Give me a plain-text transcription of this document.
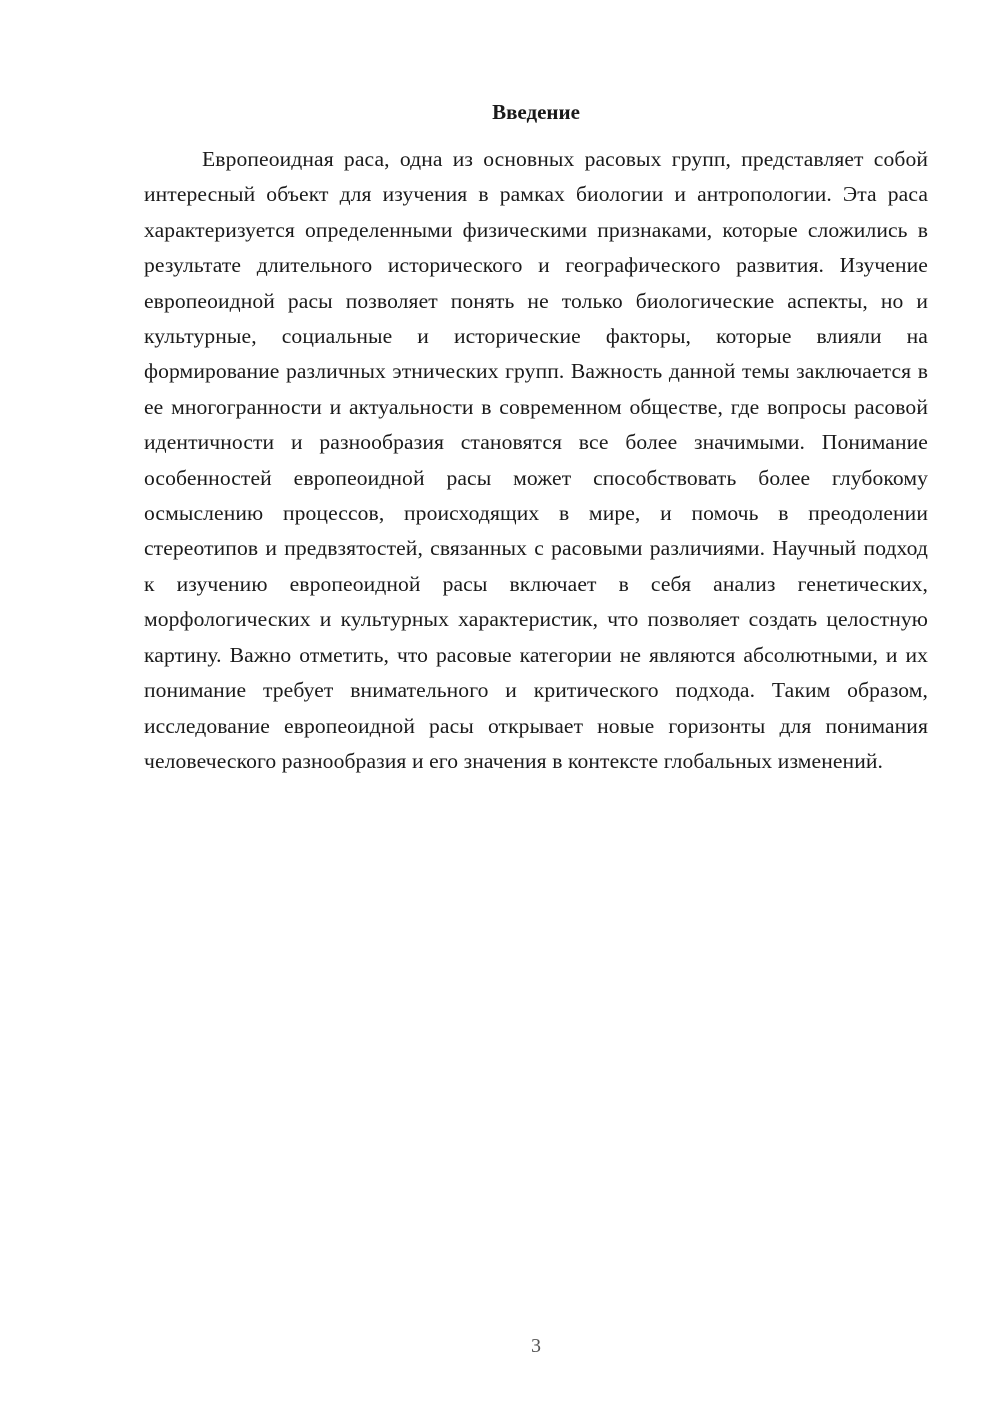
Введение

Европеоидная раса, одна из основных расовых групп, представляет собой интересный объект для изучения в рамках биологии и антропологии. Эта раса характеризуется определенными физическими признаками, которые сложились в результате длительного исторического и географического развития. Изучение европеоидной расы позволяет понять не только биологические аспекты, но и культурные, социальные и исторические факторы, которые влияли на формирование различных этнических групп. Важность данной темы заключается в ее многогранности и актуальности в современном обществе, где вопросы расовой идентичности и разнообразия становятся все более значимыми. Понимание особенностей европеоидной расы может способствовать более глубокому осмыслению процессов, происходящих в мире, и помочь в преодолении стереотипов и предвзятостей, связанных с расовыми различиями. Научный подход к изучению европеоидной расы включает в себя анализ генетических, морфологических и культурных характеристик, что позволяет создать целостную картину. Важно отметить, что расовые категории не являются абсолютными, и их понимание требует внимательного и критического подхода. Таким образом, исследование европеоидной расы открывает новые горизонты для понимания человеческого разнообразия и его значения в контексте глобальных изменений.

3
